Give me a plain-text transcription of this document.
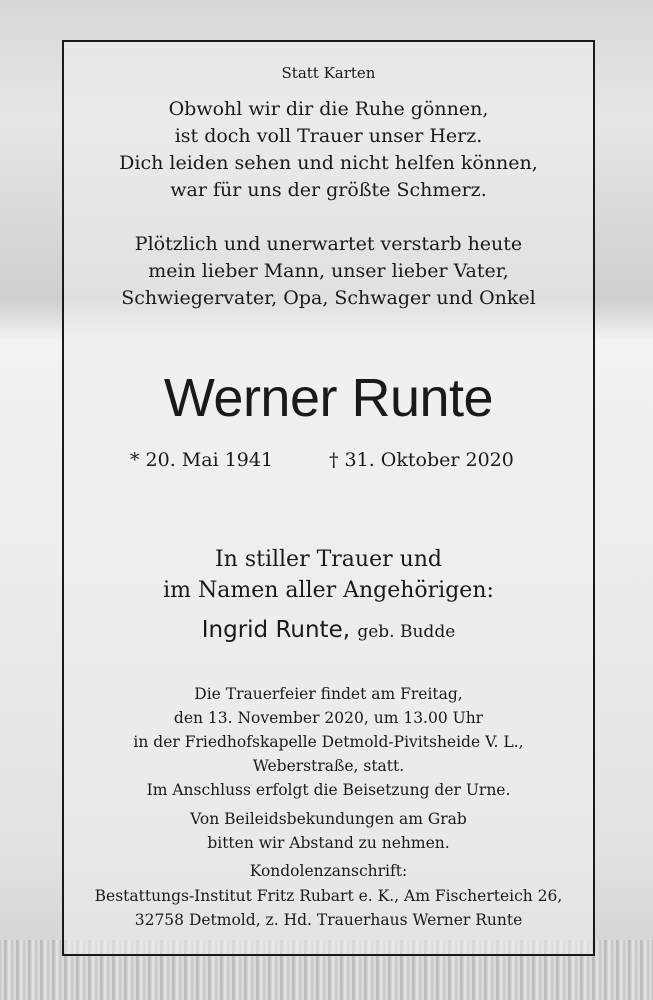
Statt Karten
Obwohl wir dir die Ruhe gönnen,
ist doch voll Trauer unser Herz.
Dich leiden sehen und nicht helfen können,
war für uns der größte Schmerz.
Plötzlich und unerwartet verstarb heute
mein lieber Mann, unser lieber Vater,
Schwiegervater, Opa, Schwager und Onkel
Werner Runte
* 20. Mai 1941	† 31. Oktober 2020
In stiller Trauer und
im Namen aller Angehörigen:
Ingrid Runte, geb. Budde
Die Trauerfeier findet am Freitag,
den 13. November 2020, um 13.00 Uhr
in der Friedhofskapelle Detmold-Pivitsheide V. L.,
Weberstraße, statt.
Im Anschluss erfolgt die Beisetzung der Urne.
Von Beileidsbekundungen am Grab
bitten wir Abstand zu nehmen.
Kondolenzanschrift:
Bestattungs-Institut Fritz Rubart e. K., Am Fischerteich 26,
32758 Detmold, z. Hd. Trauerhaus Werner Runte
